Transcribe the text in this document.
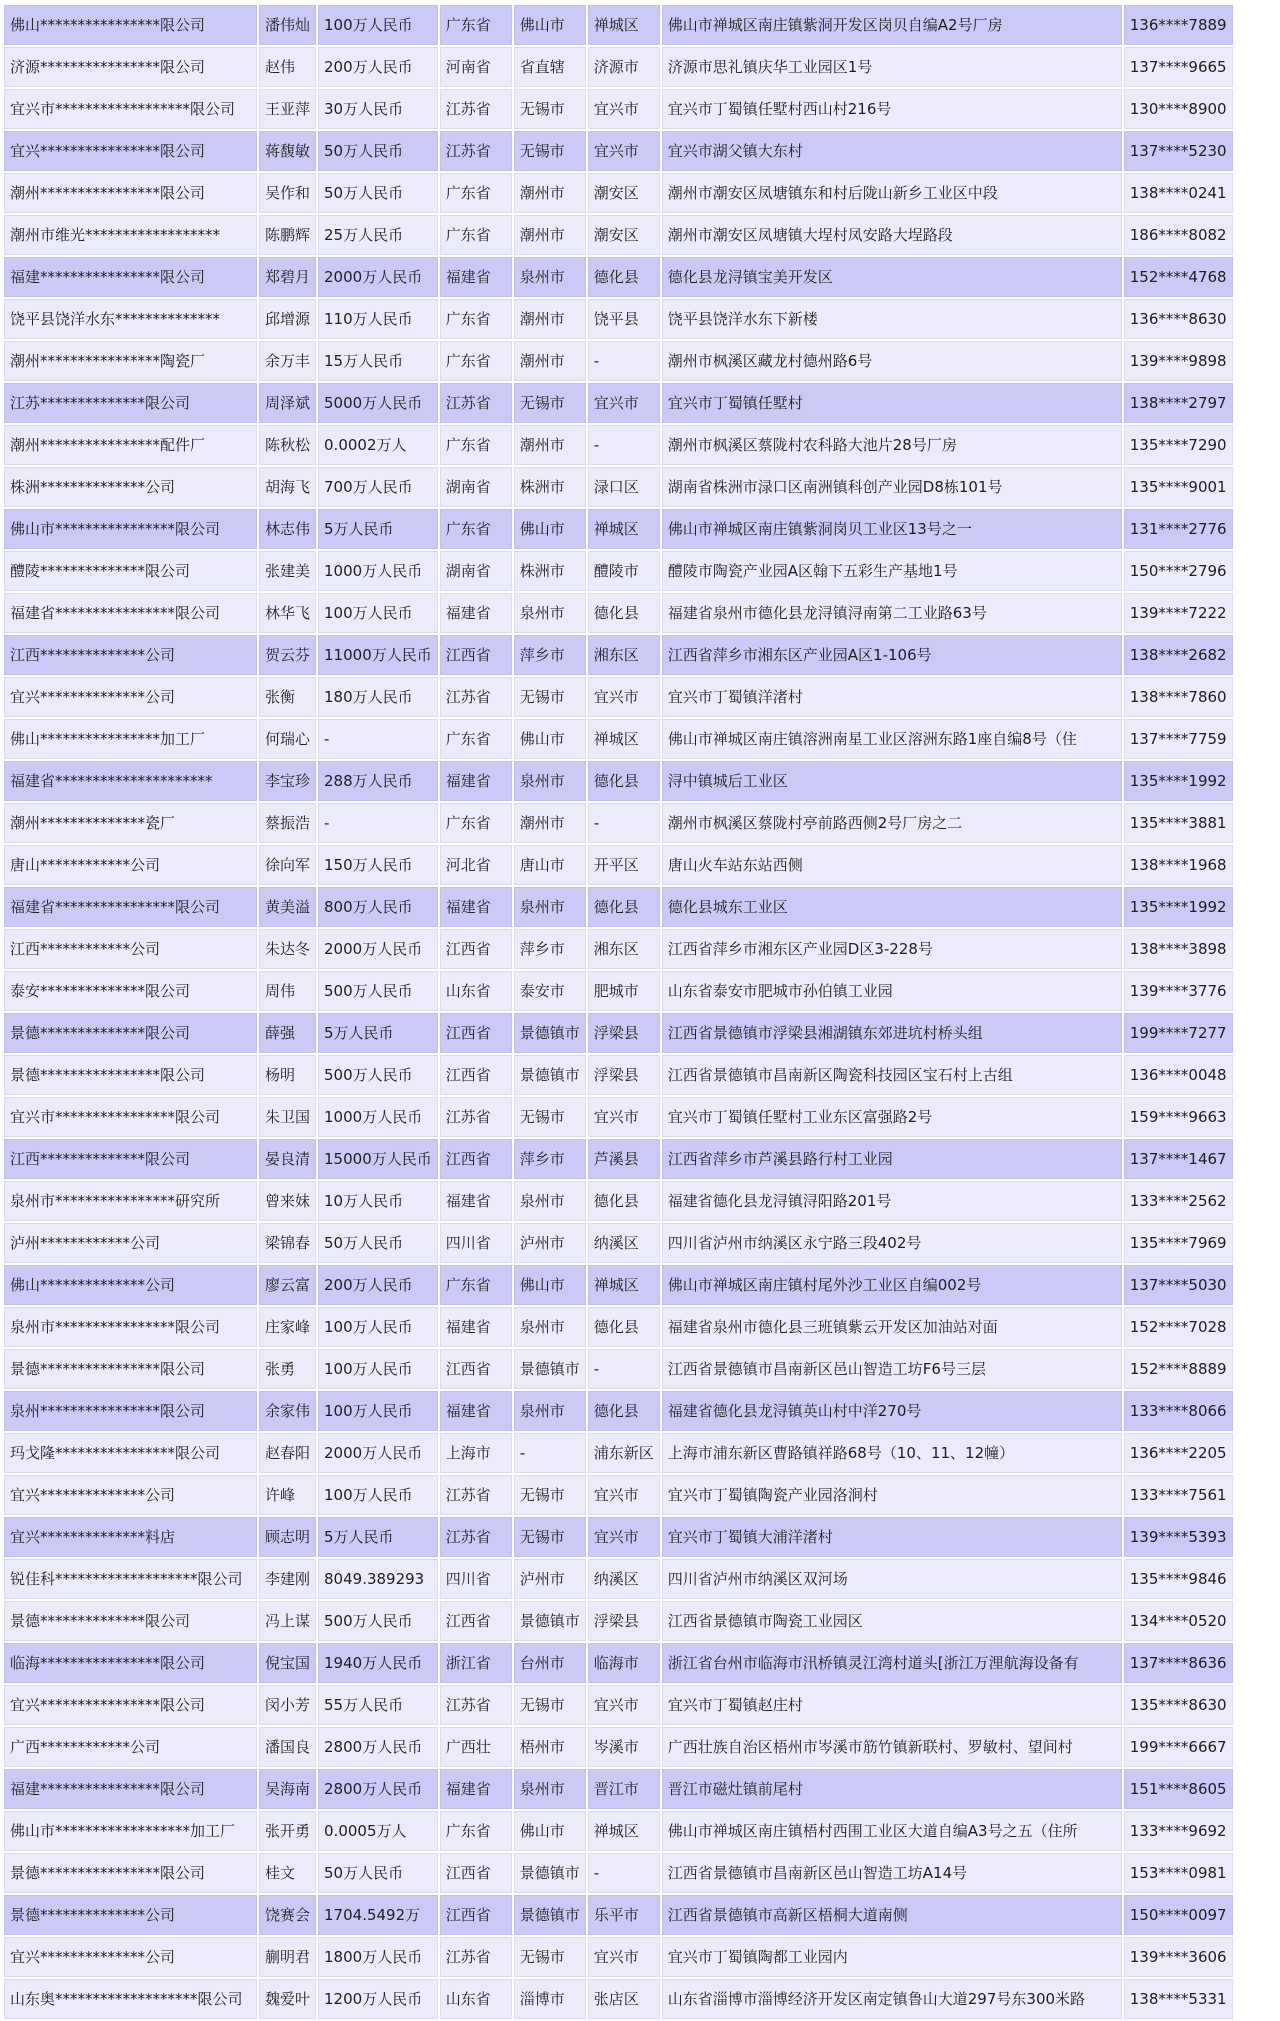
佛山****************限公司	潘伟灿	100万人民币	广东省	佛山市	禅城区	佛山市禅城区南庄镇紫洞开发区岗贝自编A2号厂房	136****7889
济源****************限公司	赵伟	200万人民币	河南省	省直辖	济源市	济源市思礼镇庆华工业园区1号	137****9665
宜兴市******************限公司	王亚萍	30万人民币	江苏省	无锡市	宜兴市	宜兴市丁蜀镇任墅村西山村216号	130****8900
宜兴****************限公司	蒋馥敏	50万人民币	江苏省	无锡市	宜兴市	宜兴市湖父镇大东村	137****5230
潮州****************限公司	吴作和	50万人民币	广东省	潮州市	潮安区	潮州市潮安区凤塘镇东和村后陇山新乡工业区中段	138****0241
潮州市维光******************	陈鹏辉	25万人民币	广东省	潮州市	潮安区	潮州市潮安区凤塘镇大埕村凤安路大埕路段	186****8082
福建****************限公司	郑碧月	2000万人民币	福建省	泉州市	德化县	德化县龙浔镇宝美开发区	152****4768
饶平县饶洋水东**************	邱增源	110万人民币	广东省	潮州市	饶平县	饶平县饶洋水东下新楼	136****8630
潮州****************陶瓷厂	余万丰	15万人民币	广东省	潮州市	-	潮州市枫溪区藏龙村德州路6号	139****9898
江苏**************限公司	周泽斌	5000万人民币	江苏省	无锡市	宜兴市	宜兴市丁蜀镇任墅村	138****2797
潮州****************配件厂	陈秋松	0.0002万人	广东省	潮州市	-	潮州市枫溪区蔡陇村农科路大池片28号厂房	135****7290
株洲**************公司	胡海飞	700万人民币	湖南省	株洲市	渌口区	湖南省株洲市渌口区南洲镇科创产业园D8栋101号	135****9001
佛山市****************限公司	林志伟	5万人民币	广东省	佛山市	禅城区	佛山市禅城区南庄镇紫洞岗贝工业区13号之一	131****2776
醴陵**************限公司	张建美	1000万人民币	湖南省	株洲市	醴陵市	醴陵市陶瓷产业园A区翰下五彩生产基地1号	150****2796
福建省****************限公司	林华飞	100万人民币	福建省	泉州市	德化县	福建省泉州市德化县龙浔镇浔南第二工业路63号	139****7222
江西**************公司	贺云芬	11000万人民币	江西省	萍乡市	湘东区	江西省萍乡市湘东区产业园A区1-106号	138****2682
宜兴**************公司	张衡	180万人民币	江苏省	无锡市	宜兴市	宜兴市丁蜀镇洋渚村	138****7860
佛山****************加工厂	何瑞心	-	广东省	佛山市	禅城区	佛山市禅城区南庄镇溶洲南星工业区溶洲东路1座自编8号（住	137****7759
福建省*********************	李宝珍	288万人民币	福建省	泉州市	德化县	浔中镇城后工业区	135****1992
潮州**************瓷厂	蔡振浩	-	广东省	潮州市	-	潮州市枫溪区蔡陇村亭前路西侧2号厂房之二	135****3881
唐山************公司	徐向军	150万人民币	河北省	唐山市	开平区	唐山火车站东站西侧	138****1968
福建省****************限公司	黄美溢	800万人民币	福建省	泉州市	德化县	德化县城东工业区	135****1992
江西************公司	朱达冬	2000万人民币	江西省	萍乡市	湘东区	江西省萍乡市湘东区产业园D区3-228号	138****3898
泰安**************限公司	周伟	500万人民币	山东省	泰安市	肥城市	山东省泰安市肥城市孙伯镇工业园	139****3776
景德**************限公司	薛强	5万人民币	江西省	景德镇市	浮梁县	江西省景德镇市浮梁县湘湖镇东郊进坑村桥头组	199****7277
景德****************限公司	杨明	500万人民币	江西省	景德镇市	浮梁县	江西省景德镇市昌南新区陶瓷科技园区宝石村上古组	136****0048
宜兴市****************限公司	朱卫国	1000万人民币	江苏省	无锡市	宜兴市	宜兴市丁蜀镇任墅村工业东区富强路2号	159****9663
江西**************限公司	晏良清	15000万人民币	江西省	萍乡市	芦溪县	江西省萍乡市芦溪县路行村工业园	137****1467
泉州市****************研究所	曾来妹	10万人民币	福建省	泉州市	德化县	福建省德化县龙浔镇浔阳路201号	133****2562
泸州************公司	梁锦春	50万人民币	四川省	泸州市	纳溪区	四川省泸州市纳溪区永宁路三段402号	135****7969
佛山**************公司	廖云富	200万人民币	广东省	佛山市	禅城区	佛山市禅城区南庄镇村尾外沙工业区自编002号	137****5030
泉州市****************限公司	庄家峰	100万人民币	福建省	泉州市	德化县	福建省泉州市德化县三班镇紫云开发区加油站对面	152****7028
景德****************限公司	张勇	100万人民币	江西省	景德镇市	-	江西省景德镇市昌南新区邑山智造工坊F6号三层	152****8889
泉州****************限公司	余家伟	100万人民币	福建省	泉州市	德化县	福建省德化县龙浔镇英山村中洋270号	133****8066
玛戈隆****************限公司	赵春阳	2000万人民币	上海市	-	浦东新区	上海市浦东新区曹路镇祥路68号（10、11、12幢）	136****2205
宜兴**************公司	许峰	100万人民币	江苏省	无锡市	宜兴市	宜兴市丁蜀镇陶瓷产业园洛涧村	133****7561
宜兴**************料店	顾志明	5万人民币	江苏省	无锡市	宜兴市	宜兴市丁蜀镇大浦洋渚村	139****5393
锐佳科*******************限公司	李建刚	8049.389293	四川省	泸州市	纳溪区	四川省泸州市纳溪区双河场	135****9846
景德**************限公司	冯上谋	500万人民币	江西省	景德镇市	浮梁县	江西省景德镇市陶瓷工业园区	134****0520
临海****************限公司	倪宝国	1940万人民币	浙江省	台州市	临海市	浙江省台州市临海市汛桥镇灵江湾村道头[浙江万浬航海设备有	137****8636
宜兴****************限公司	闵小芳	55万人民币	江苏省	无锡市	宜兴市	宜兴市丁蜀镇赵庄村	135****8630
广西************公司	潘国良	2800万人民币	广西壮	梧州市	岑溪市	广西壮族自治区梧州市岑溪市筋竹镇新联村、罗敏村、望间村	199****6667
福建****************限公司	吴海南	2800万人民币	福建省	泉州市	晋江市	晋江市磁灶镇前尾村	151****8605
佛山市******************加工厂	张开勇	0.0005万人	广东省	佛山市	禅城区	佛山市禅城区南庄镇梧村西围工业区大道自编A3号之五（住所	133****9692
景德****************限公司	桂文	50万人民币	江西省	景德镇市	-	江西省景德镇市昌南新区邑山智造工坊A14号	153****0981
景德**************公司	饶赛会	1704.5492万	江西省	景德镇市	乐平市	江西省景德镇市高新区梧桐大道南侧	150****0097
宜兴**************公司	蒯明君	1800万人民币	江苏省	无锡市	宜兴市	宜兴市丁蜀镇陶都工业园内	139****3606
山东奥*******************限公司	魏爱叶	1200万人民币	山东省	淄博市	张店区	山东省淄博市淄博经济开发区南定镇鲁山大道297号东300米路	138****5331
